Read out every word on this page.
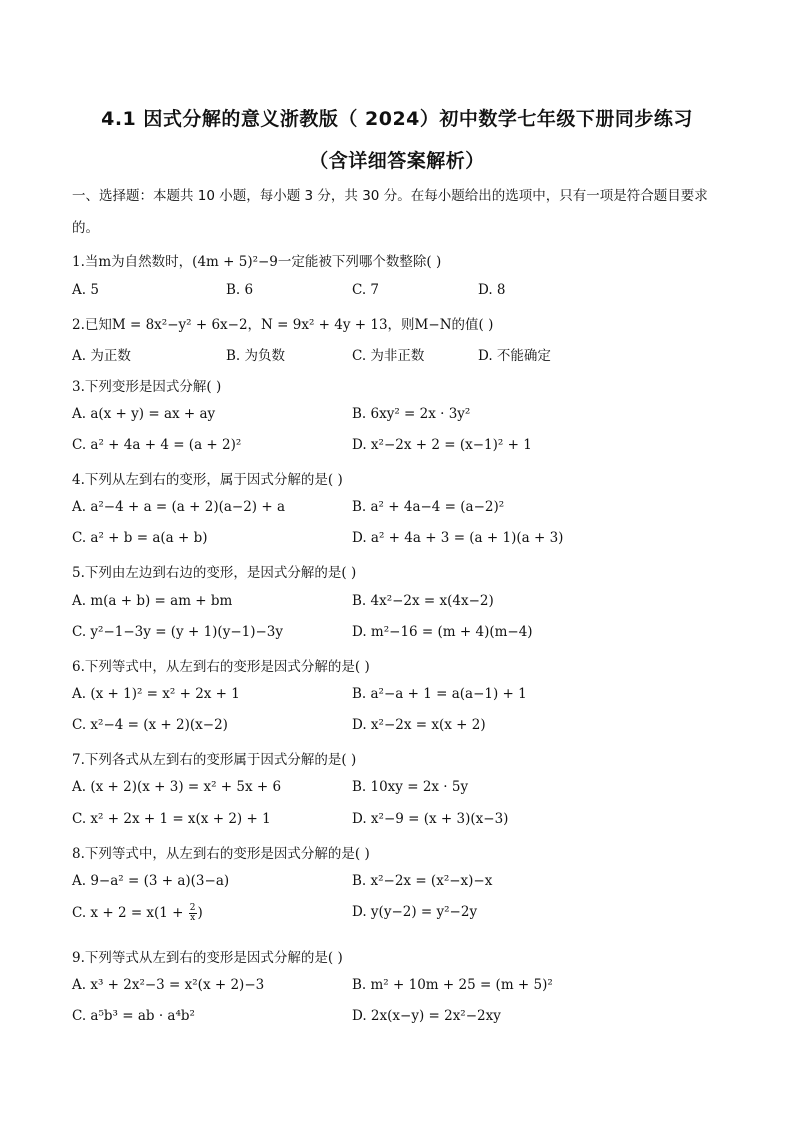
4.1 因式分解的意义浙教版（ 2024）初中数学七年级下册同步练习
（含详细答案解析）
一、选择题：本题共 10 小题，每小题 3 分，共 30 分。在每小题给出的选项中，只有一项是符合题目要求的。
1.当m为自然数时，(4m + 5)²−9一定能被下列哪个数整除( )
A. 5	B. 6	C. 7	D. 8
2.已知M = 8x²−y² + 6x−2，N = 9x² + 4y + 13，则M−N的值( )
A. 为正数	B. 为负数	C. 为非正数	D. 不能确定
3.下列变形是因式分解( )
A. a(x + y) = ax + ay	B. 6xy² = 2x · 3y²
C. a² + 4a + 4 = (a + 2)²	D. x²−2x + 2 = (x−1)² + 1
4.下列从左到右的变形，属于因式分解的是( )
A. a²−4 + a = (a + 2)(a−2) + a	B. a² + 4a−4 = (a−2)²
C. a² + b = a(a + b)	D. a² + 4a + 3 = (a + 1)(a + 3)
5.下列由左边到右边的变形，是因式分解的是( )
A. m(a + b) = am + bm	B. 4x²−2x = x(4x−2)
C. y²−1−3y = (y + 1)(y−1)−3y	D. m²−16 = (m + 4)(m−4)
6.下列等式中，从左到右的变形是因式分解的是( )
A. (x + 1)² = x² + 2x + 1	B. a²−a + 1 = a(a−1) + 1
C. x²−4 = (x + 2)(x−2)	D. x²−2x = x(x + 2)
7.下列各式从左到右的变形属于因式分解的是( )
A. (x + 2)(x + 3) = x² + 5x + 6	B. 10xy = 2x · 5y
C. x² + 2x + 1 = x(x + 2) + 1	D. x²−9 = (x + 3)(x−3)
8.下列等式中，从左到右的变形是因式分解的是( )
A. 9−a² = (3 + a)(3−a)	B. x²−2x = (x²−x)−x
C. $x + 2 = x(1 + \frac{2}{x}$ )	D. y(y−2) = y²−2y
9.下列等式从左到右的变形是因式分解的是( )
A. x³ + 2x²−3 = x²(x + 2)−3	B. m² + 10m + 25 = (m + 5)²
C. a⁵b³ = ab · a⁴b²	D. 2x(x−y) = 2x²−2xy
